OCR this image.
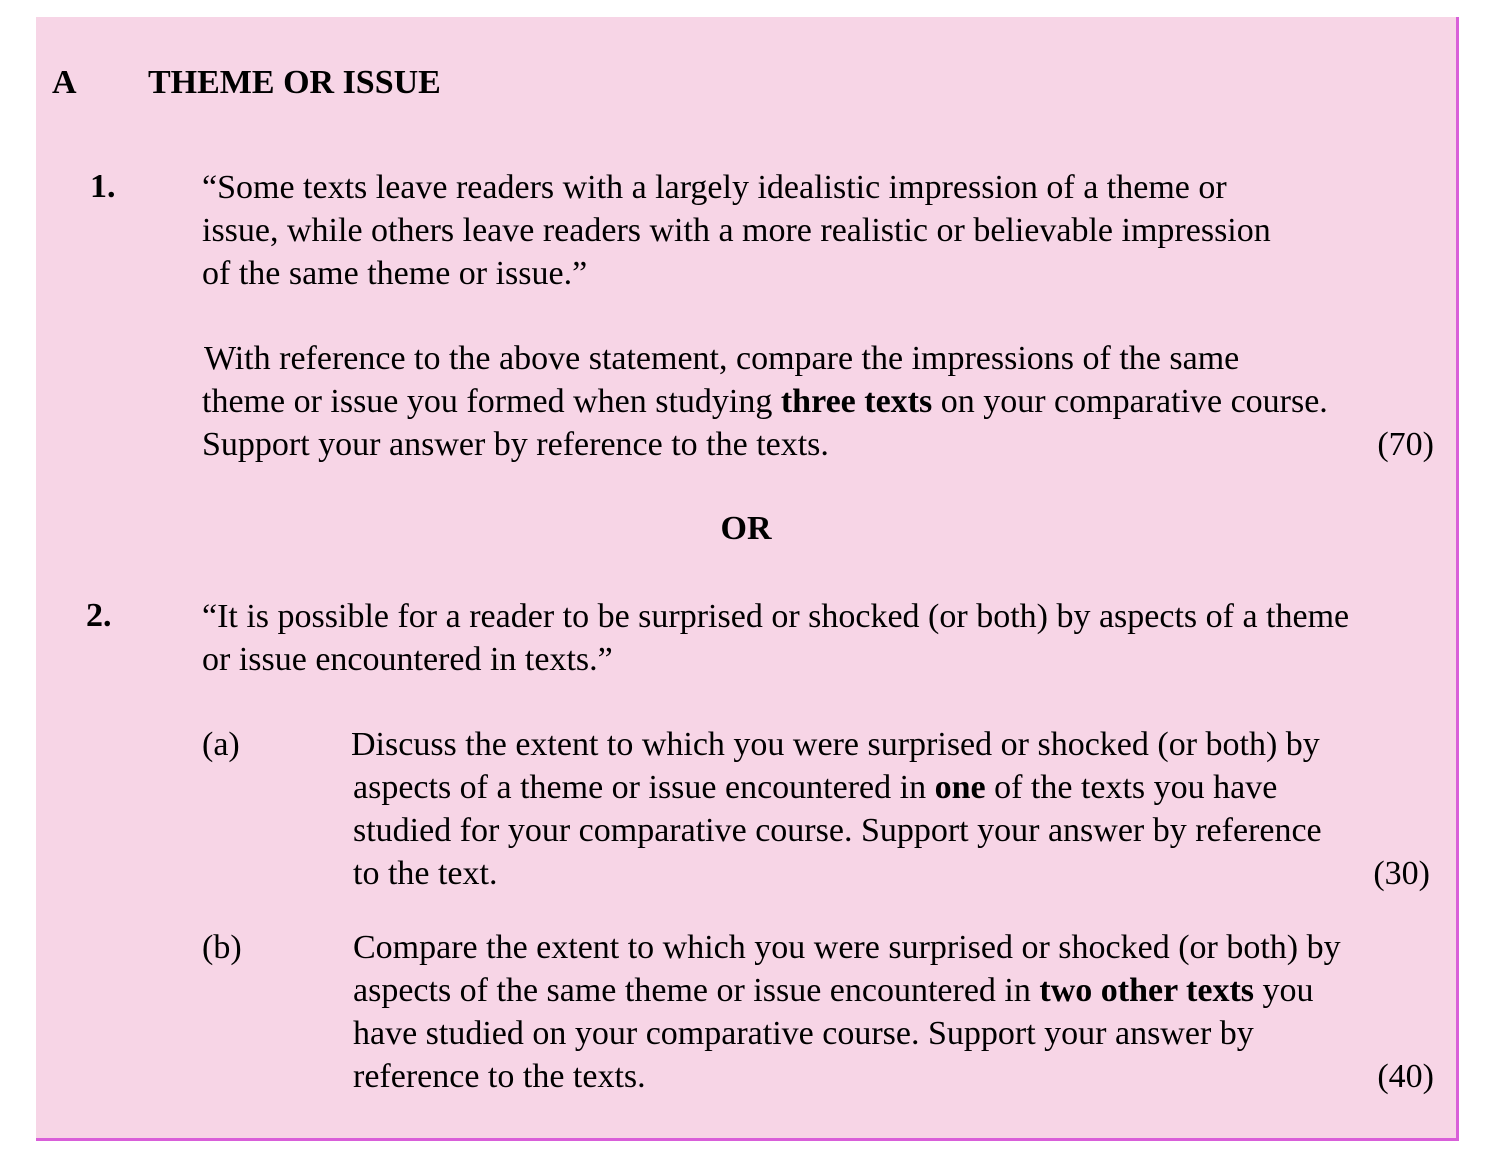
A THEME OR ISSUE
1.	“Some texts leave readers with a largely idealistic impression of a theme or
issue, while others leave readers with a more realistic or believable impression
of the same theme or issue.”
With reference to the above statement, compare the impressions of the same
theme or issue you formed when studying three texts on your comparative course.
Support your answer by reference to the texts.	(70)
OR
2.	“It is possible for a reader to be surprised or shocked (or both) by aspects of a theme
or issue encountered in texts.”
(a)	Discuss the extent to which you were surprised or shocked (or both) by
aspects of a theme or issue encountered in one of the texts you have
studied for your comparative course. Support your answer by reference
to the text.	(30)
(b)	Compare the extent to which you were surprised or shocked (or both) by
aspects of the same theme or issue encountered in two other texts you
have studied on your comparative course. Support your answer by
reference to the texts.	(40)
